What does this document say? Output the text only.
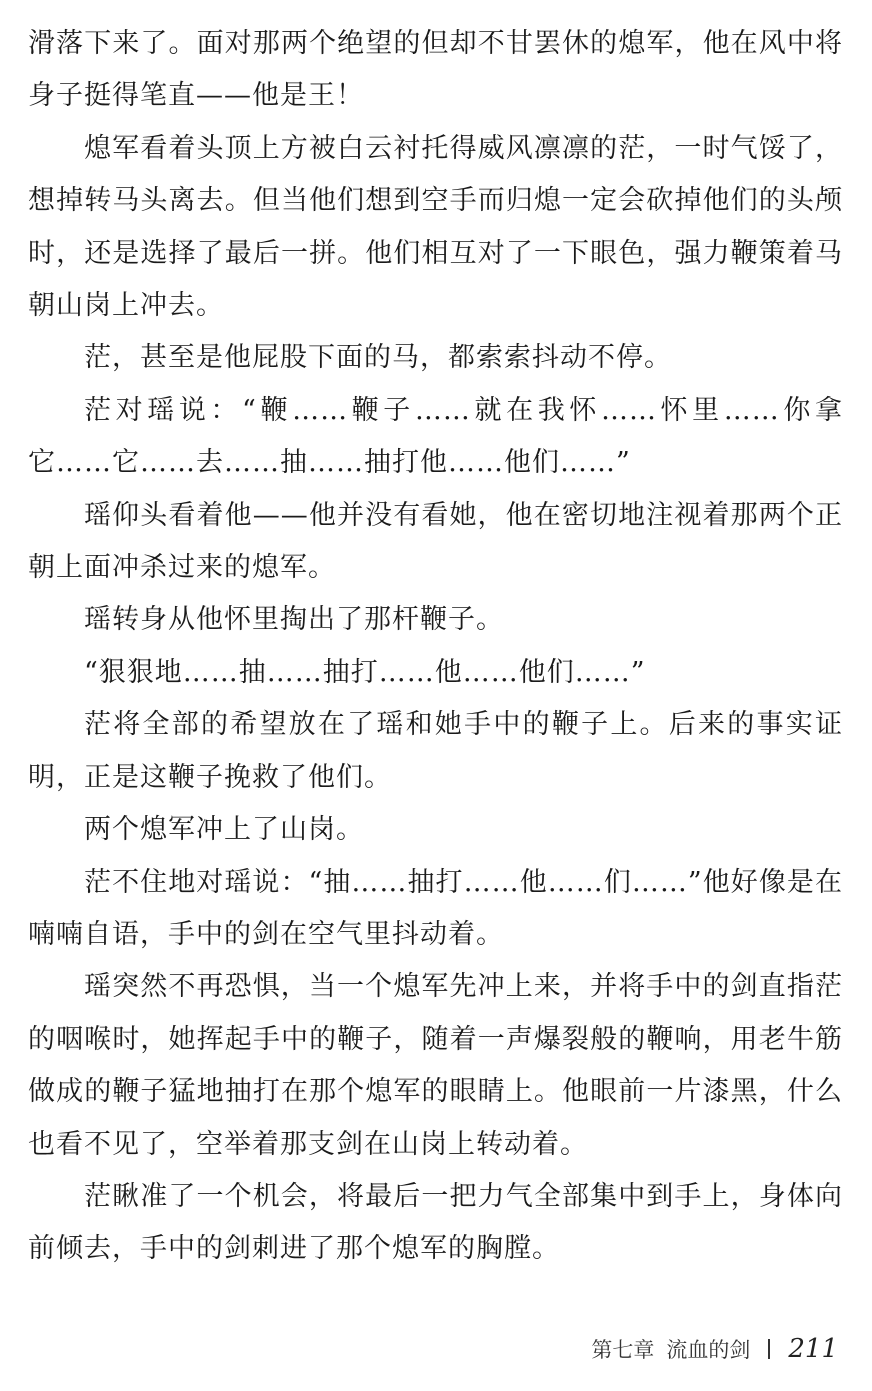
滑落下来了。面对那两个绝望的但却不甘罢休的熄军，他在风中将身子挺得笔直——他是王！

熄军看着头顶上方被白云衬托得威风凛凛的茫，一时气馁了，想掉转马头离去。但当他们想到空手而归熄一定会砍掉他们的头颅时，还是选择了最后一拼。他们相互对了一下眼色，强力鞭策着马朝山岗上冲去。

茫，甚至是他屁股下面的马，都索索抖动不停。

茫对瑶说：“鞭……鞭子……就在我怀……怀里……你拿它……它……去……抽……抽打他……他们……”

瑶仰头看着他——他并没有看她，他在密切地注视着那两个正朝上面冲杀过来的熄军。

瑶转身从他怀里掏出了那杆鞭子。

“狠狠地……抽……抽打……他……他们……”

茫将全部的希望放在了瑶和她手中的鞭子上。后来的事实证明，正是这鞭子挽救了他们。

两个熄军冲上了山岗。

茫不住地对瑶说：“抽……抽打……他……们……”他好像是在喃喃自语，手中的剑在空气里抖动着。

瑶突然不再恐惧，当一个熄军先冲上来，并将手中的剑直指茫的咽喉时，她挥起手中的鞭子，随着一声爆裂般的鞭响，用老牛筋做成的鞭子猛地抽打在那个熄军的眼睛上。他眼前一片漆黑，什么也看不见了，空举着那支剑在山岗上转动着。

茫瞅准了一个机会，将最后一把力气全部集中到手上，身体向前倾去，手中的剑刺进了那个熄军的胸膛。

第七章 流血的剑 211
